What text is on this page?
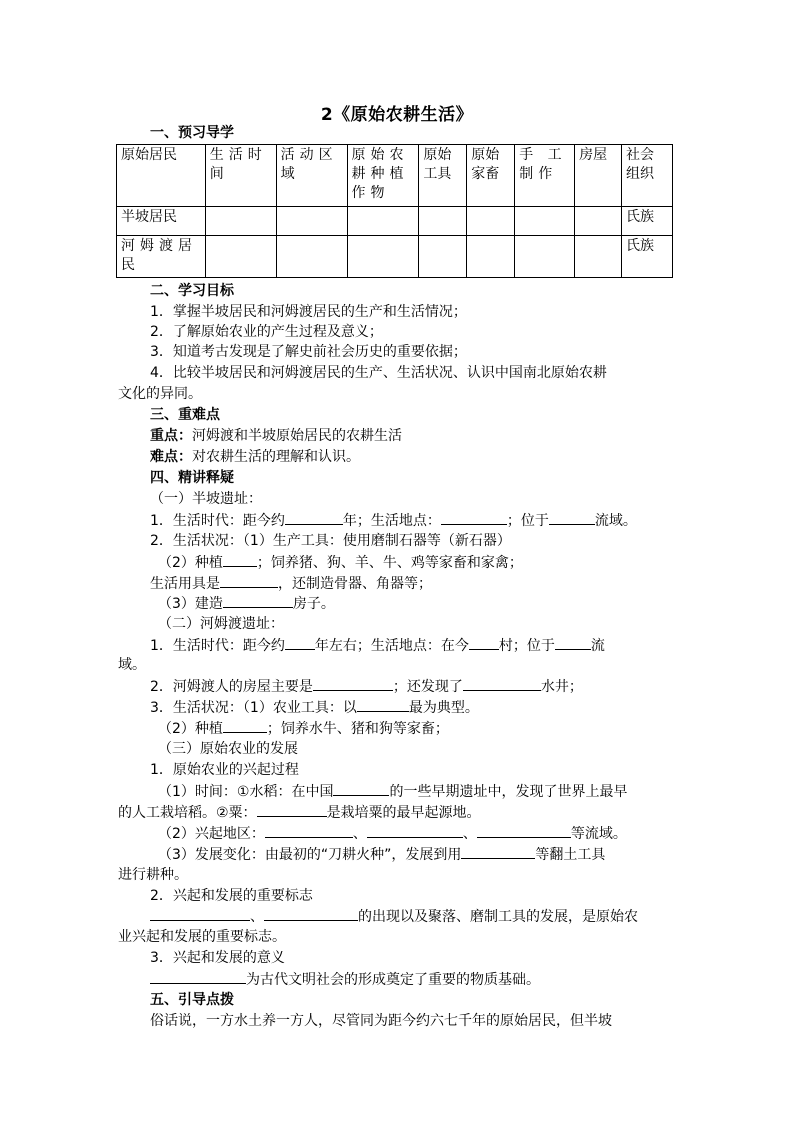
2《原始农耕生活》
一、预习导学
原始居民	生活时间	活动区域	原始农耕种植作物	原始工具	原始家畜	手 工制作	房屋	社会组织
半坡居民								氏族
河姆渡居民								氏族
二、学习目标
1．掌握半坡居民和河姆渡居民的生产和生活情况；
2．了解原始农业的产生过程及意义；
3．知道考古发现是了解史前社会历史的重要依据；
4．比较半坡居民和河姆渡居民的生产、生活状况、认识中国南北原始农耕
文化的异同。
三、重难点
重点：河姆渡和半坡原始居民的农耕生活
难点：对农耕生活的理解和认识。
四、精讲释疑
（一）半坡遗址：
1．生活时代：距今约	年；生活地点：	；位于	流域。
2．生活状况：（1）生产工具：使用磨制石器等（新石器）
（2）种植 ；饲养猪、狗、羊、牛、鸡等家畜和家禽；
生活用具是	，还制造骨器、角器等；
（3）建造	房子。
（二）河姆渡遗址：
1．生活时代：距今约 年左右；生活地点：在今 村；位于	流
域。
2．河姆渡人的房屋主要是	；还发现了	水井；
3．生活状况：（1）农业工具：以	最为典型。
（2）种植	；饲养水牛、猪和狗等家畜；
（三）原始农业的发展
1．原始农业的兴起过程
（1）时间：①水稻：在中国	的一些早期遗址中，发现了世界上最早
的人工栽培稻。②粟：	是栽培粟的最早起源地。
（2）兴起地区：	、	、	等流域。
（3）发展变化：由最初的“刀耕火种”，发展到用	等翻土工具
进行耕种。
2．兴起和发展的重要标志
、	的出现以及聚落、磨制工具的发展，是原始农
业兴起和发展的重要标志。
3．兴起和发展的意义
为古代文明社会的形成奠定了重要的物质基础。
五、引导点拨
俗话说，一方水土养一方人，尽管同为距今约六七千年的原始居民，但半坡
